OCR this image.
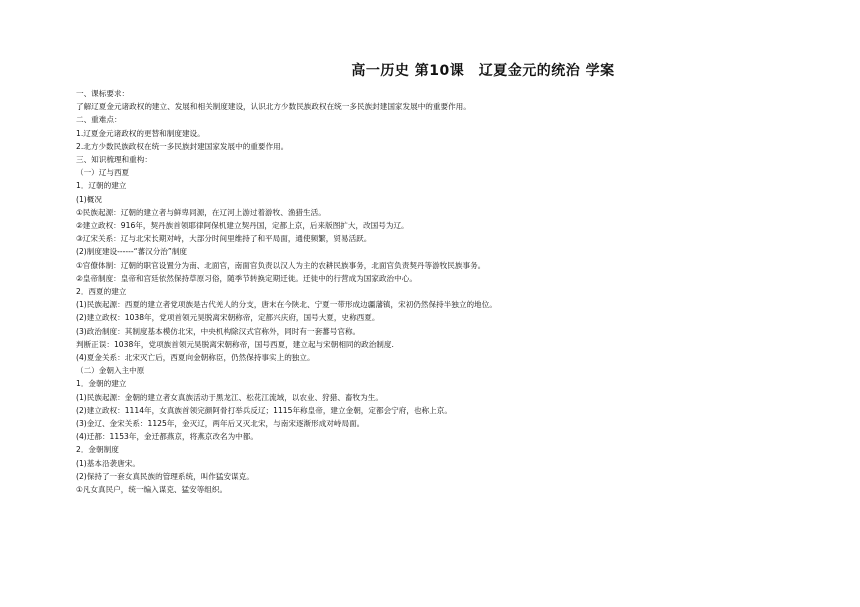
高一历史 第10课　辽夏金元的统治 学案

一、课标要求：

了解辽夏金元诸政权的建立、发展和相关制度建设，认识北方少数民族政权在统一多民族封建国家发展中的重要作用。

二、重难点：

1.辽夏金元诸政权的更替和制度建设。

2.北方少数民族政权在统一多民族封建国家发展中的重要作用。

三、知识梳理和重构：

（一）辽与西夏

1．辽朝的建立

(1)概况

①民族起源：辽朝的建立者与鲜卑同源，在辽河上游过着游牧、渔猎生活。

②建立政权：916年，契丹族首领耶律阿保机建立契丹国，定都上京，后来版图扩大，改国号为辽。

③辽宋关系：辽与北宋长期对峙，大部分时间里维持了和平局面，通使频繁，贸易活跃。

(2)制度建设------“蕃汉分治”制度

①官僚体制：辽朝的职官设置分为南、北面官，南面官负责以汉人为主的农耕民族事务，北面官负责契丹等游牧民族事务。

②皇帝制度：皇帝和宫廷依然保持草原习俗，随季节转换定期迁徙。迁徙中的行营成为国家政治中心。

2．西夏的建立

(1)民族起源：西夏的建立者党项族是古代羌人的分支，唐末在今陕北、宁夏一带形成边疆藩镇，宋初仍然保持半独立的地位。

(2)建立政权：1038年，党项首领元昊脱离宋朝称帝，定都兴庆府，国号大夏，史称西夏。

(3)政治制度：其制度基本模仿北宋，中央机构除汉式官称外，同时有一套蕃号官称。

判断正误：1038年，党项族首领元昊脱离宋朝称帝，国号西夏，建立起与宋朝相同的政治制度.

(4)夏金关系：北宋灭亡后，西夏向金朝称臣，仍然保持事实上的独立。

（二）金朝入主中原

1．金朝的建立

(1)民族起源：金朝的建立者女真族活动于黑龙江、松花江流域，以农业、狩猎、畜牧为生。

(2)建立政权：1114年，女真族首领完颜阿骨打举兵反辽；1115年称皇帝，建立金朝，定都会宁府，也称上京。

(3)金辽、金宋关系：1125年，金灭辽，两年后又灭北宋，与南宋逐渐形成对峙局面。

(4)迁都：1153年，金迁都燕京，将燕京改名为中都。

2．金朝制度

(1)基本沿袭唐宋。

(2)保持了一套女真民族的管理系统，叫作猛安谋克。

①凡女真民户，统一编入谋克、猛安等组织。
